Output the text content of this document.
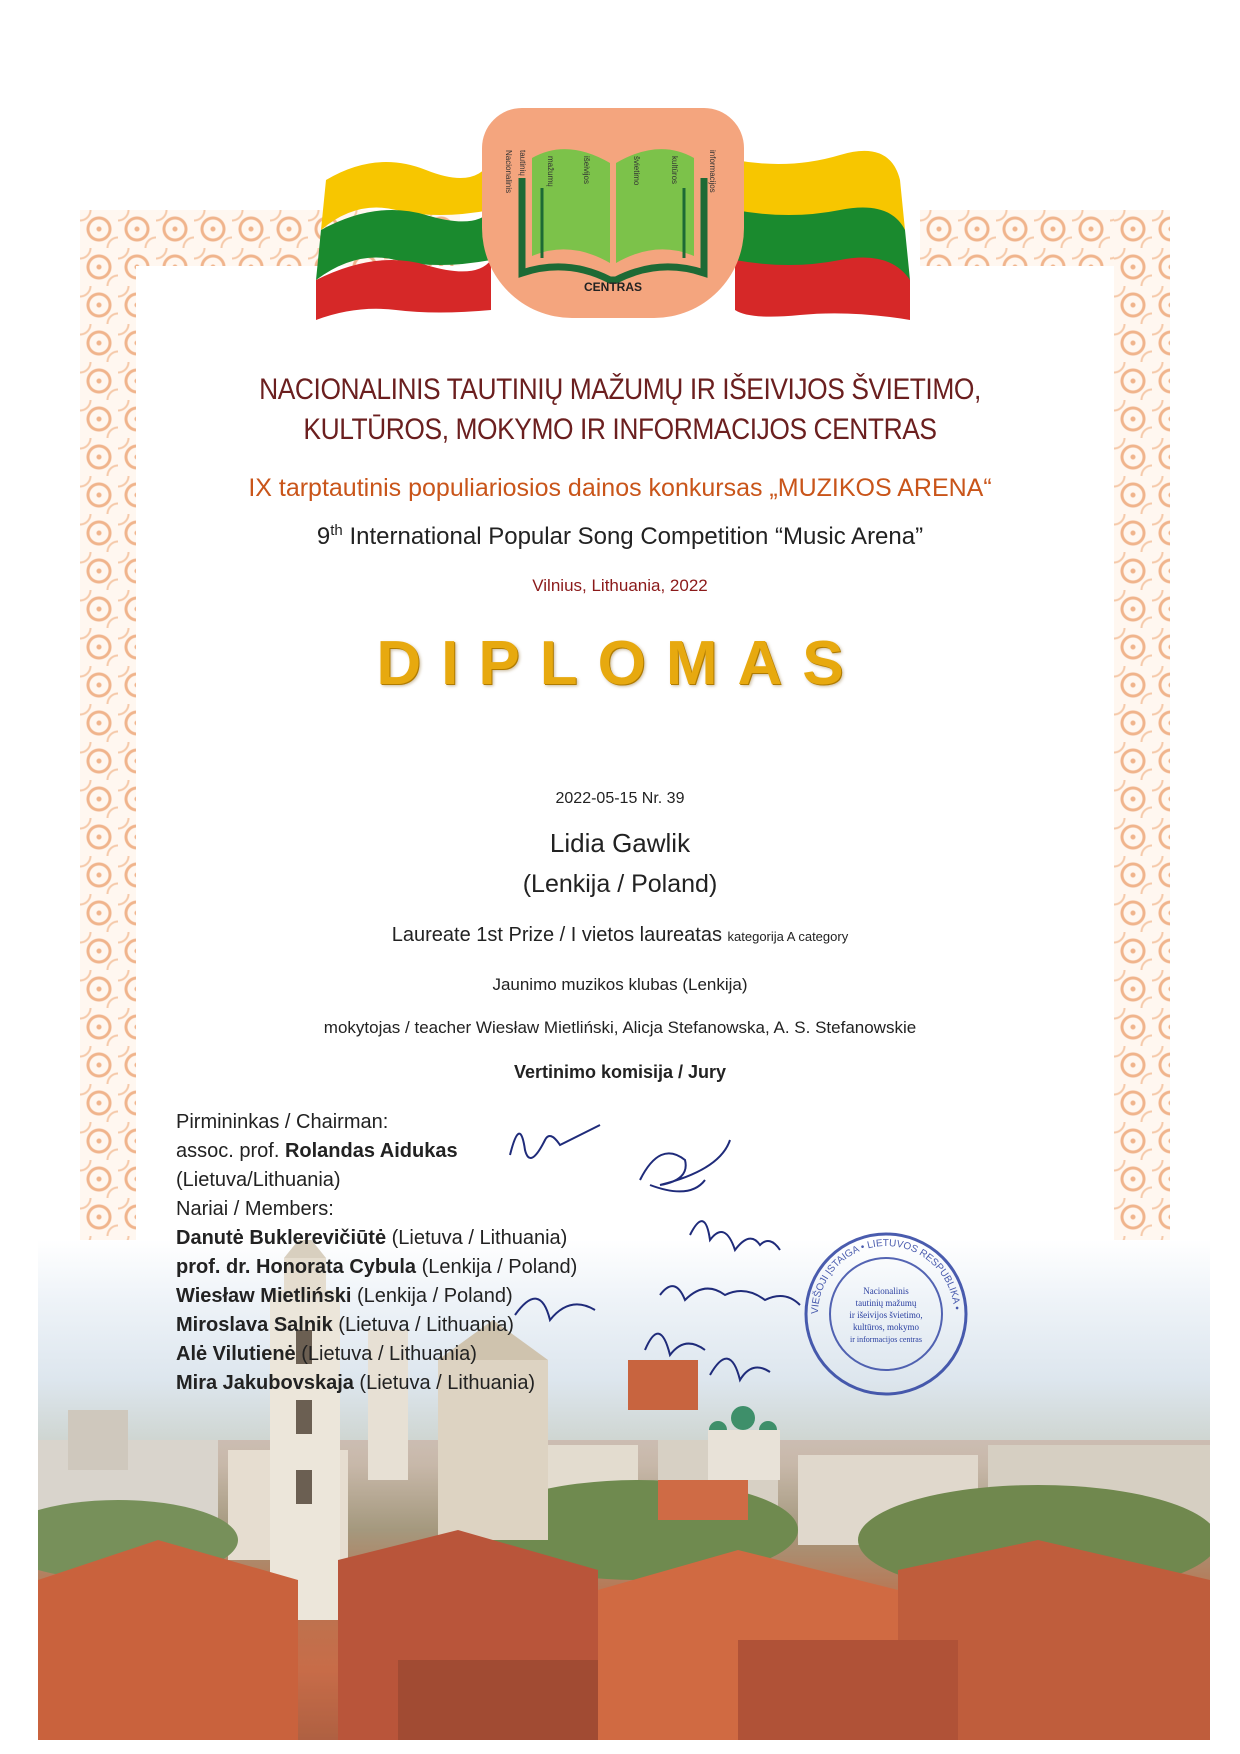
CENTRAS
Nacionalinis tautinių mažumų	išeivijos	švietimo	kultūros	informacijos
NACIONALINIS TAUTINIŲ MAŽUMŲ IR IŠEIVIJOS ŠVIETIMO,
KULTŪROS, MOKYMO IR INFORMACIJOS CENTRAS

IX tarptautinis populiariosios dainos konkursas „MUZIKOS ARENA“

9th International Popular Song Competition “Music Arena”

Vilnius, Lithuania, 2022

DIPLOMAS

2022-05-15 Nr. 39

Lidia Gawlik

(Lenkija / Poland)

Laureate 1st Prize / I vietos laureatas kategorija A category

Jaunimo muzikos klubas (Lenkija)

mokytojas / teacher Wiesław Mietliński, Alicja Stefanowska, A. S. Stefanowskie

Vertinimo komisija / Jury

Pirmininkas / Chairman:
assoc. prof. Rolandas Aidukas
(Lietuva/Lithuania)
Nariai / Members:
Danutė Buklerevičiūtė (Lietuva / Lithuania)
prof. dr. Honorata Cybula (Lenkija / Poland)
Wiesław Mietliński (Lenkija / Poland)
Miroslava Salnik (Lietuva / Lithuania)
Alė Vilutienė (Lietuva / Lithuania)
Mira Jakubovskaja (Lietuva / Lithuania)
VIEŠOJI ĮSTAIGA • LIETUVOS RESPUBLIKA •
Nacionalinis
tautinių mažumų
ir išeivijos švietimo,
kultūros, mokymo
ir informacijos centras
